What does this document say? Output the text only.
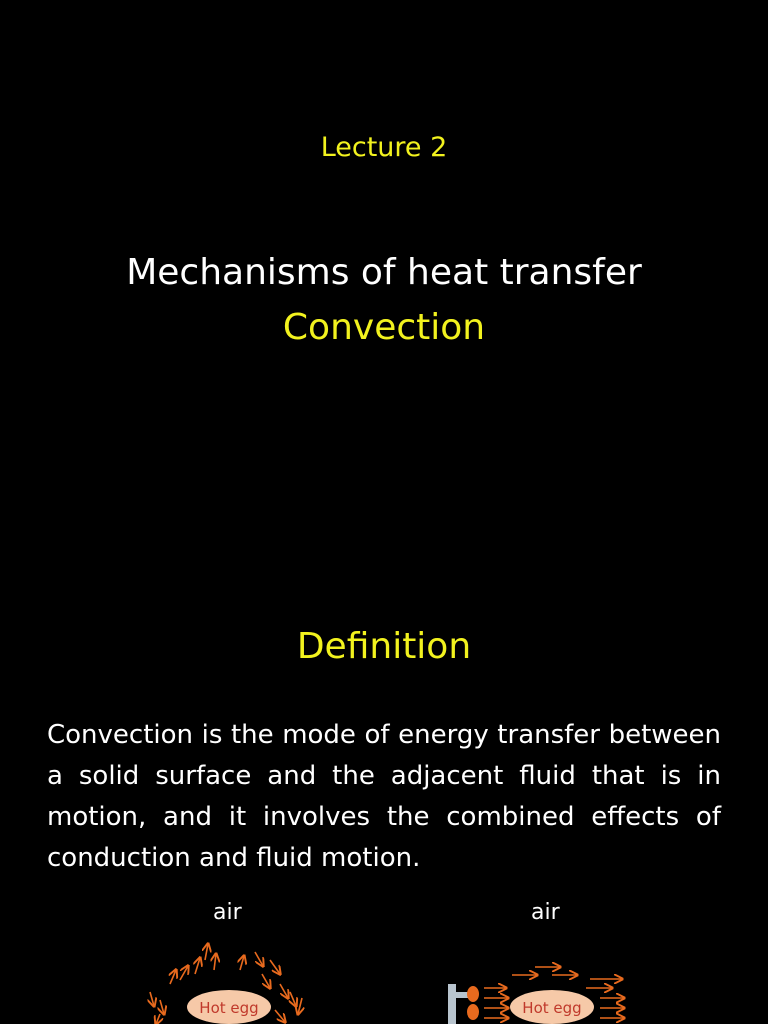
Lecture 2
Mechanisms of heat transfer
Convection
Definition

Convection is the mode of energy transfer between a solid surface and the adjacent fluid that is in motion, and it involves the combined effects of conduction and fluid motion.

air	air
Hot egg	Hot egg
